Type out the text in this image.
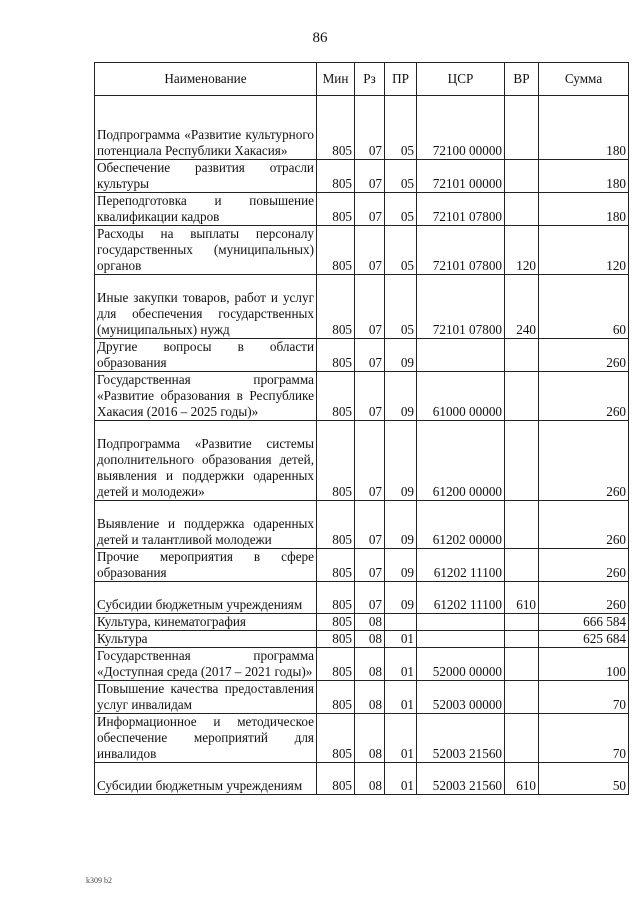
86
Наименование	Мин	Рз	ПР	ЦСР	ВР	Сумма
Подпрограмма «Развитие культурного потенциала Республики Хакасия»	805	07	05	72100 00000		180
Обеспечение развития отрасли культуры	805	07	05	72101 00000		180
Переподготовка и повышение квалификации кадров	805	07	05	72101 07800		180
Расходы на выплаты персоналу государственных (муниципальных) органов	805	07	05	72101 07800	120	120
Иные закупки товаров, работ и услуг для обеспечения государственных (муниципальных) нужд	805	07	05	72101 07800	240	60
Другие вопросы в области образования	805	07	09			260
Государственная программа «Развитие образования в Республике Хакасия (2016 – 2025 годы)»	805	07	09	61000 00000		260
Подпрограмма «Развитие системы дополнительного образования детей, выявления и поддержки одаренных детей и молодежи»	805	07	09	61200 00000		260
Выявление и поддержка одаренных детей и талантливой молодежи	805	07	09	61202 00000		260
Прочие мероприятия в сфере образования	805	07	09	61202 11100		260
Субсидии бюджетным учреждениям	805	07	09	61202 11100	610	260
Культура, кинематография	805	08				666 584
Культура	805	08	01			625 684
Государственная программа «Доступная среда (2017 – 2021 годы)»	805	08	01	52000 00000		100
Повышение качества предоставления услуг инвалидам	805	08	01	52003 00000		70
Информационное и методическое обеспечение мероприятий для инвалидов	805	08	01	52003 21560		70
Субсидии бюджетным учреждениям	805	08	01	52003 21560	610	50
k309 b2
